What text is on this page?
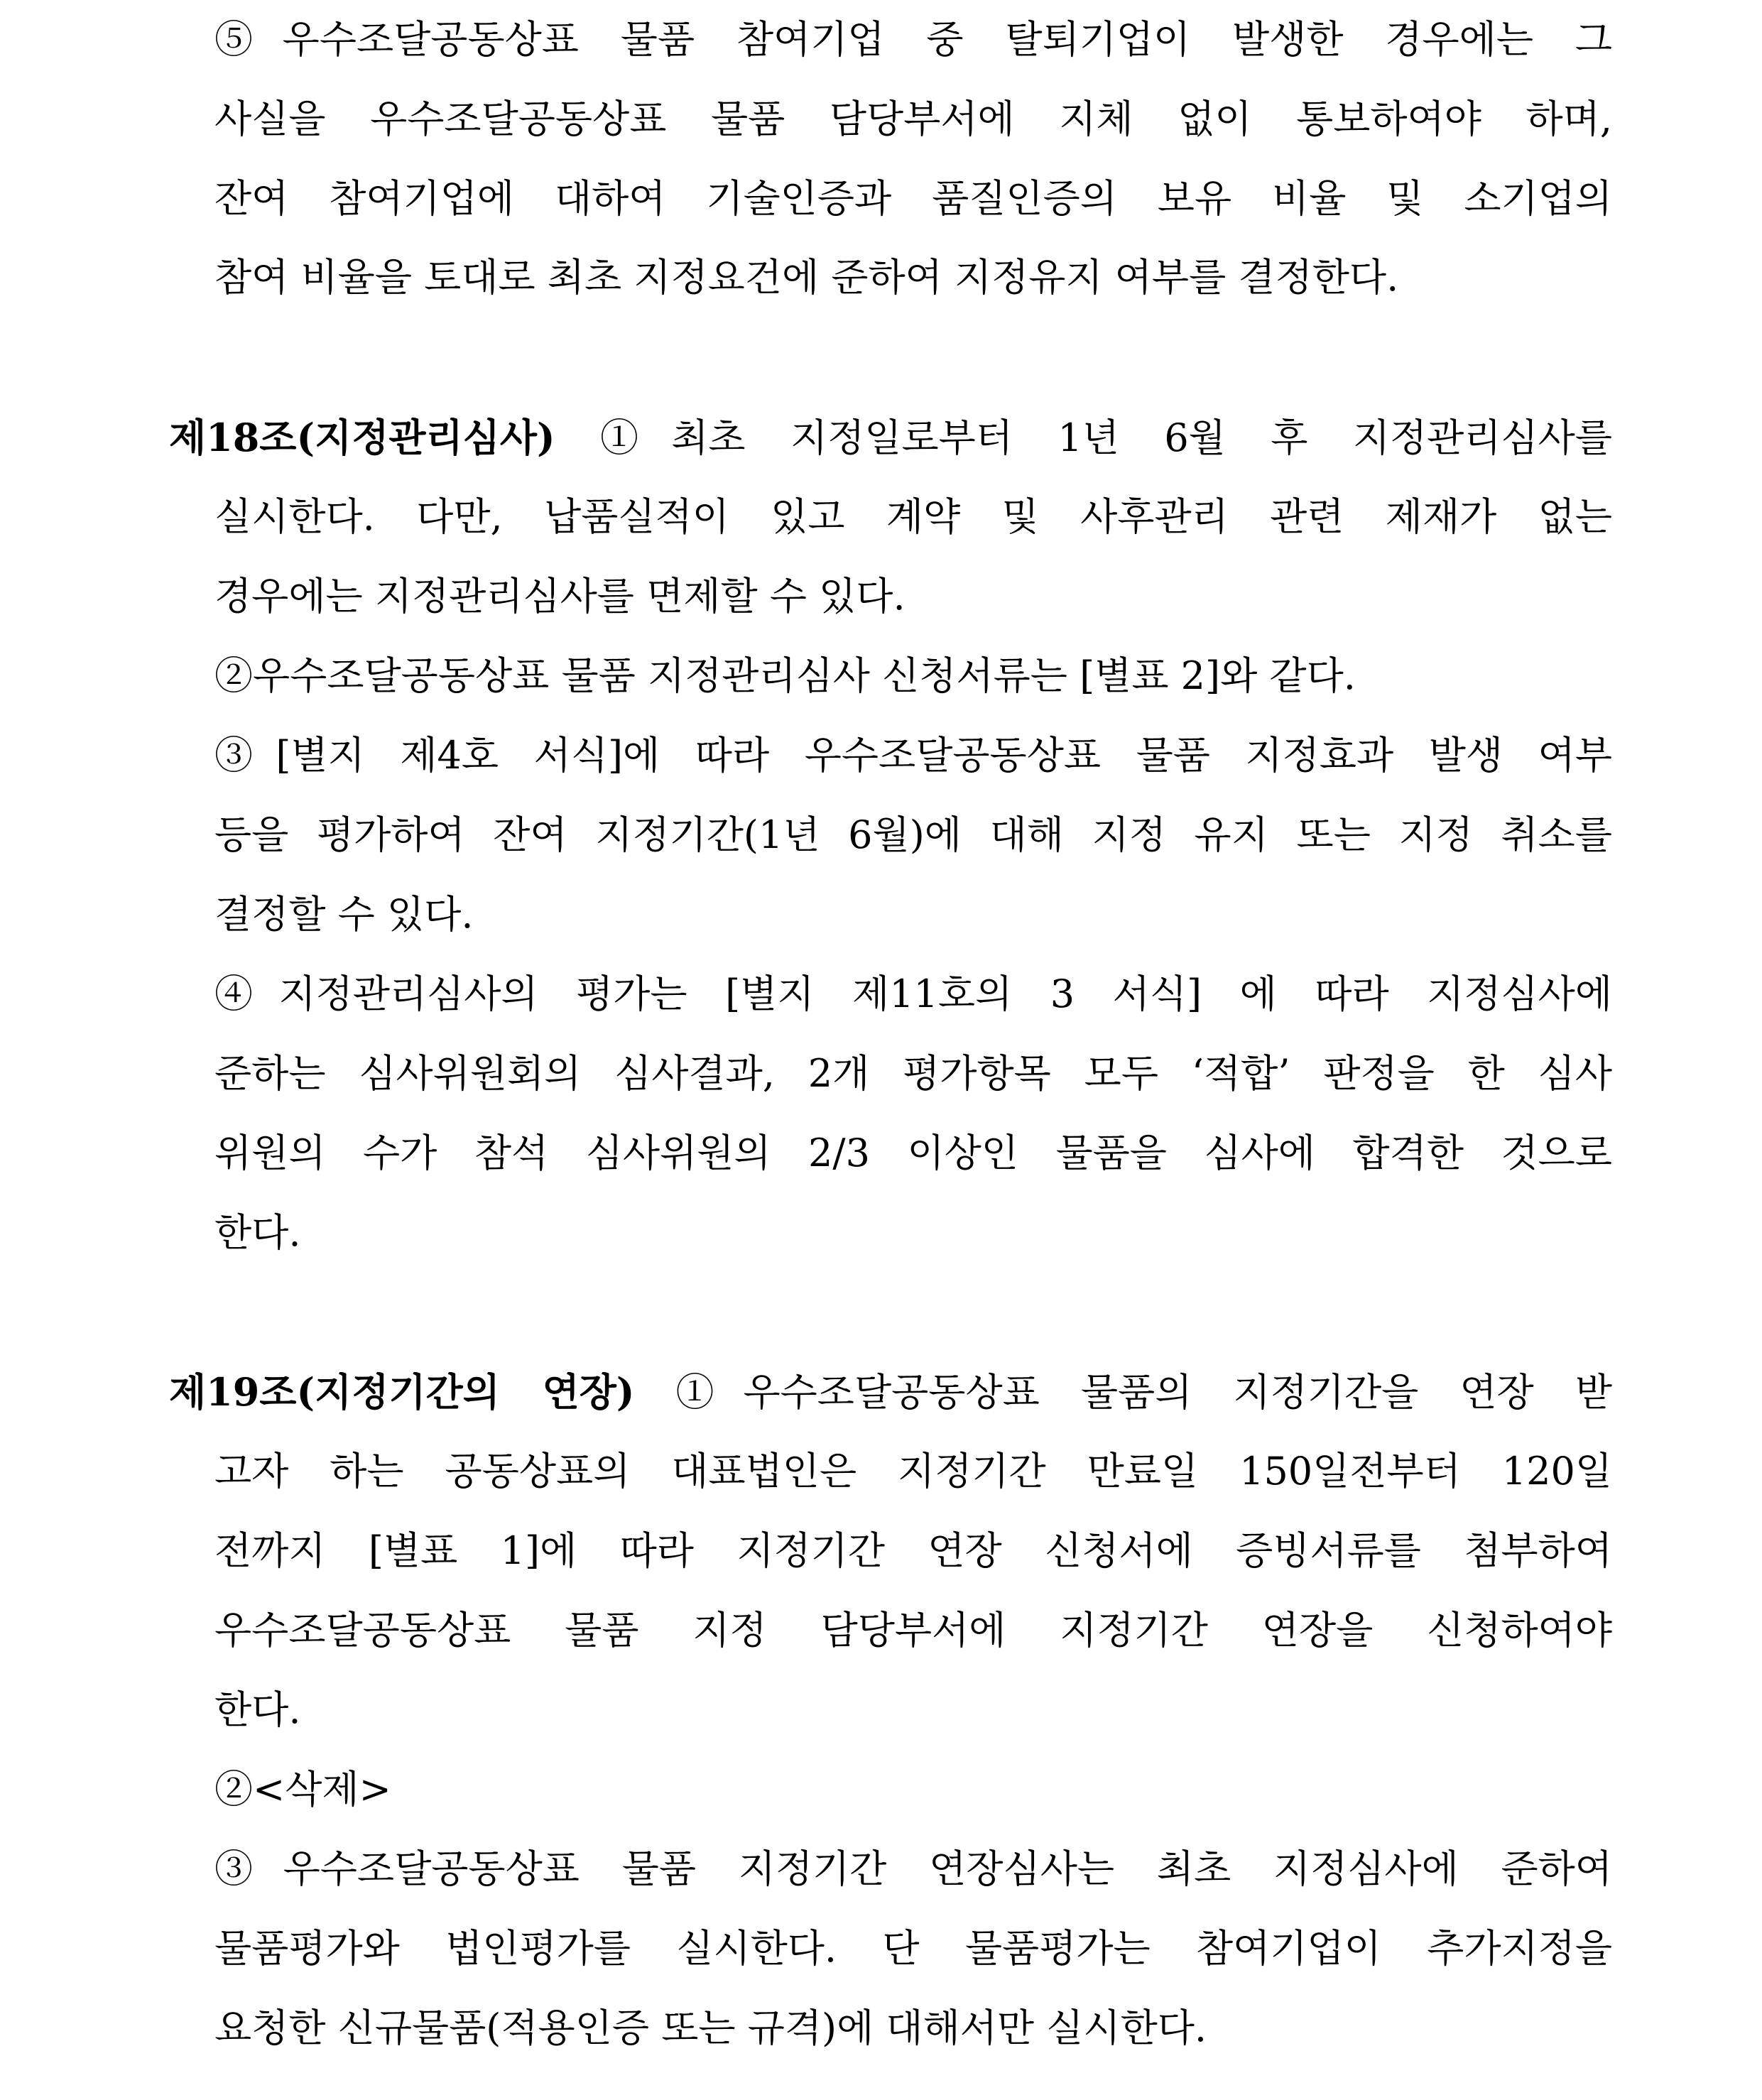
⑤우수조달공동상표 물품 참여기업 중 탈퇴기업이 발생한 경우에는 그
사실을 우수조달공동상표 물품 담당부서에 지체 없이 통보하여야 하며,
잔여 참여기업에 대하여 기술인증과 품질인증의 보유 비율 및 소기업의
참여 비율을 토대로 최초 지정요건에 준하여 지정유지 여부를 결정한다.
제18조(지정관리심사) ①최초 지정일로부터 1년 6월 후 지정관리심사를
실시한다. 다만, 납품실적이 있고 계약 및 사후관리 관련 제재가 없는
경우에는 지정관리심사를 면제할 수 있다.
②우수조달공동상표 물품 지정관리심사 신청서류는 [별표 2]와 같다.
③[별지 제4호 서식]에 따라 우수조달공동상표 물품 지정효과 발생 여부
등을 평가하여 잔여 지정기간(1년 6월)에 대해 지정 유지 또는 지정 취소를
결정할 수 있다.
④지정관리심사의 평가는 [별지 제11호의 3 서식] 에 따라 지정심사에
준하는 심사위원회의 심사결과, 2개 평가항목 모두 ‘적합’ 판정을 한 심사
위원의 수가 참석 심사위원의 2/3 이상인 물품을 심사에 합격한 것으로
한다.
제19조(지정기간의 연장) ①우수조달공동상표 물품의 지정기간을 연장 받
고자 하는 공동상표의 대표법인은 지정기간 만료일 150일전부터 120일
전까지 [별표 1]에 따라 지정기간 연장 신청서에 증빙서류를 첨부하여
우수조달공동상표 물품 지정 담당부서에 지정기간 연장을 신청하여야
한다.
②<삭제>
③우수조달공동상표 물품 지정기간 연장심사는 최초 지정심사에 준하여
물품평가와 법인평가를 실시한다. 단 물품평가는 참여기업이 추가지정을
요청한 신규물품(적용인증 또는 규격)에 대해서만 실시한다.
